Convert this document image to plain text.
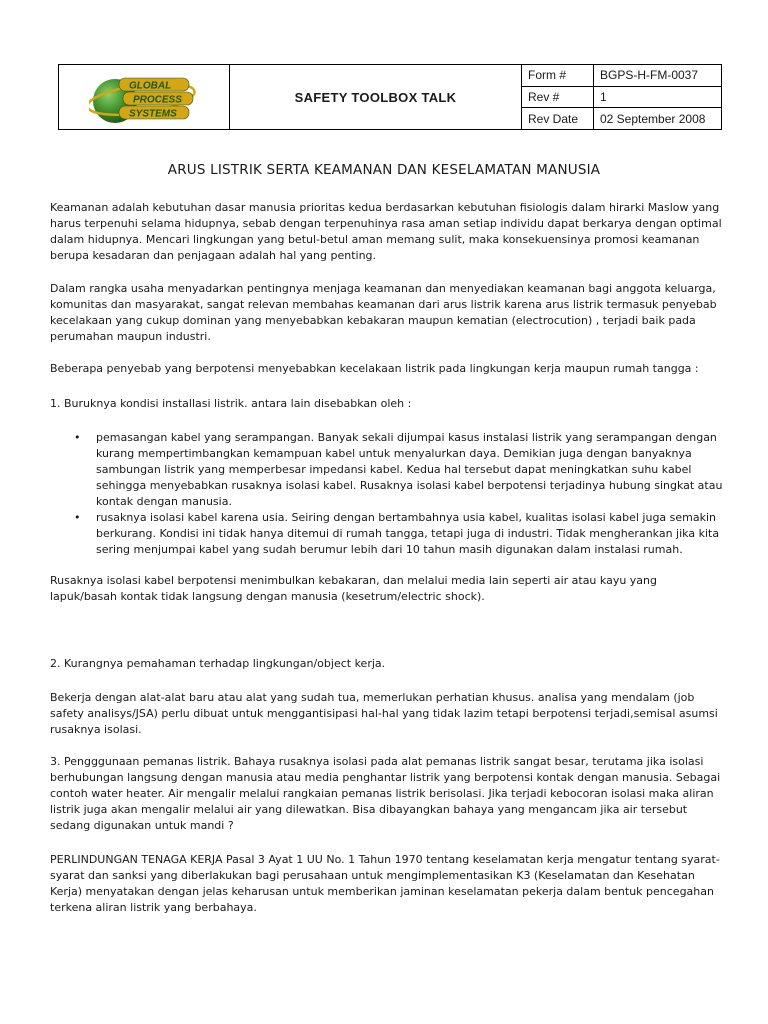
GLOBAL
PROCESS
SYSTEMS
SAFETY TOOLBOX TALK
Form #	BGPS-H-FM-0037
Rev #	1
Rev Date	02 September 2008
ARUS LISTRIK SERTA KEAMANAN DAN KESELAMATAN MANUSIA

Keamanan adalah kebutuhan dasar manusia prioritas kedua berdasarkan kebutuhan fisiologis dalam hirarki Maslow yang harus terpenuhi selama hidupnya, sebab dengan terpenuhinya rasa aman setiap individu dapat berkarya dengan optimal dalam hidupnya. Mencari lingkungan yang betul-betul aman memang sulit, maka konsekuensinya promosi keamanan berupa kesadaran dan penjagaan adalah hal yang penting.

Dalam rangka usaha menyadarkan pentingnya menjaga keamanan dan menyediakan keamanan bagi anggota keluarga, komunitas dan masyarakat, sangat relevan membahas keamanan dari arus listrik karena arus listrik termasuk penyebab kecelakaan yang cukup dominan yang menyebabkan kebakaran maupun kematian (electrocution) , terjadi baik pada perumahan maupun industri.

Beberapa penyebab yang berpotensi menyebabkan kecelakaan listrik pada lingkungan kerja maupun rumah tangga :

1. Buruknya kondisi installasi listrik. antara lain disebabkan oleh :

• pemasangan kabel yang serampangan. Banyak sekali dijumpai kasus instalasi listrik yang serampangan dengan kurang mempertimbangkan kemampuan kabel untuk menyalurkan daya. Demikian juga dengan banyaknya sambungan listrik yang memperbesar impedansi kabel. Kedua hal tersebut dapat meningkatkan suhu kabel sehingga menyebabkan rusaknya isolasi kabel. Rusaknya isolasi kabel berpotensi terjadinya hubung singkat atau kontak dengan manusia.
• rusaknya isolasi kabel karena usia. Seiring dengan bertambahnya usia kabel, kualitas isolasi kabel juga semakin berkurang. Kondisi ini tidak hanya ditemui di rumah tangga, tetapi juga di industri. Tidak mengherankan jika kita sering menjumpai kabel yang sudah berumur lebih dari 10 tahun masih digunakan dalam instalasi rumah.

Rusaknya isolasi kabel berpotensi menimbulkan kebakaran, dan melalui media lain seperti air atau kayu yang lapuk/basah kontak tidak langsung dengan manusia (kesetrum/electric shock).

2. Kurangnya pemahaman terhadap lingkungan/object kerja.

Bekerja dengan alat-alat baru atau alat yang sudah tua, memerlukan perhatian khusus. analisa yang mendalam (job safety analisys/JSA) perlu dibuat untuk menggantisipasi hal-hal yang tidak lazim tetapi berpotensi terjadi,semisal asumsi rusaknya isolasi.

3. Pengggunaan pemanas listrik. Bahaya rusaknya isolasi pada alat pemanas listrik sangat besar, terutama jika isolasi berhubungan langsung dengan manusia atau media penghantar listrik yang berpotensi kontak dengan manusia. Sebagai contoh water heater. Air mengalir melalui rangkaian pemanas listrik berisolasi. Jika terjadi kebocoran isolasi maka aliran listrik juga akan mengalir melalui air yang dilewatkan. Bisa dibayangkan bahaya yang mengancam jika air tersebut sedang digunakan untuk mandi ?

PERLINDUNGAN TENAGA KERJA Pasal 3 Ayat 1 UU No. 1 Tahun 1970 tentang keselamatan kerja mengatur tentang syarat-syarat dan sanksi yang diberlakukan bagi perusahaan untuk mengimplementasikan K3 (Keselamatan dan Kesehatan Kerja) menyatakan dengan jelas keharusan untuk memberikan jaminan keselamatan pekerja dalam bentuk pencegahan terkena aliran listrik yang berbahaya.
